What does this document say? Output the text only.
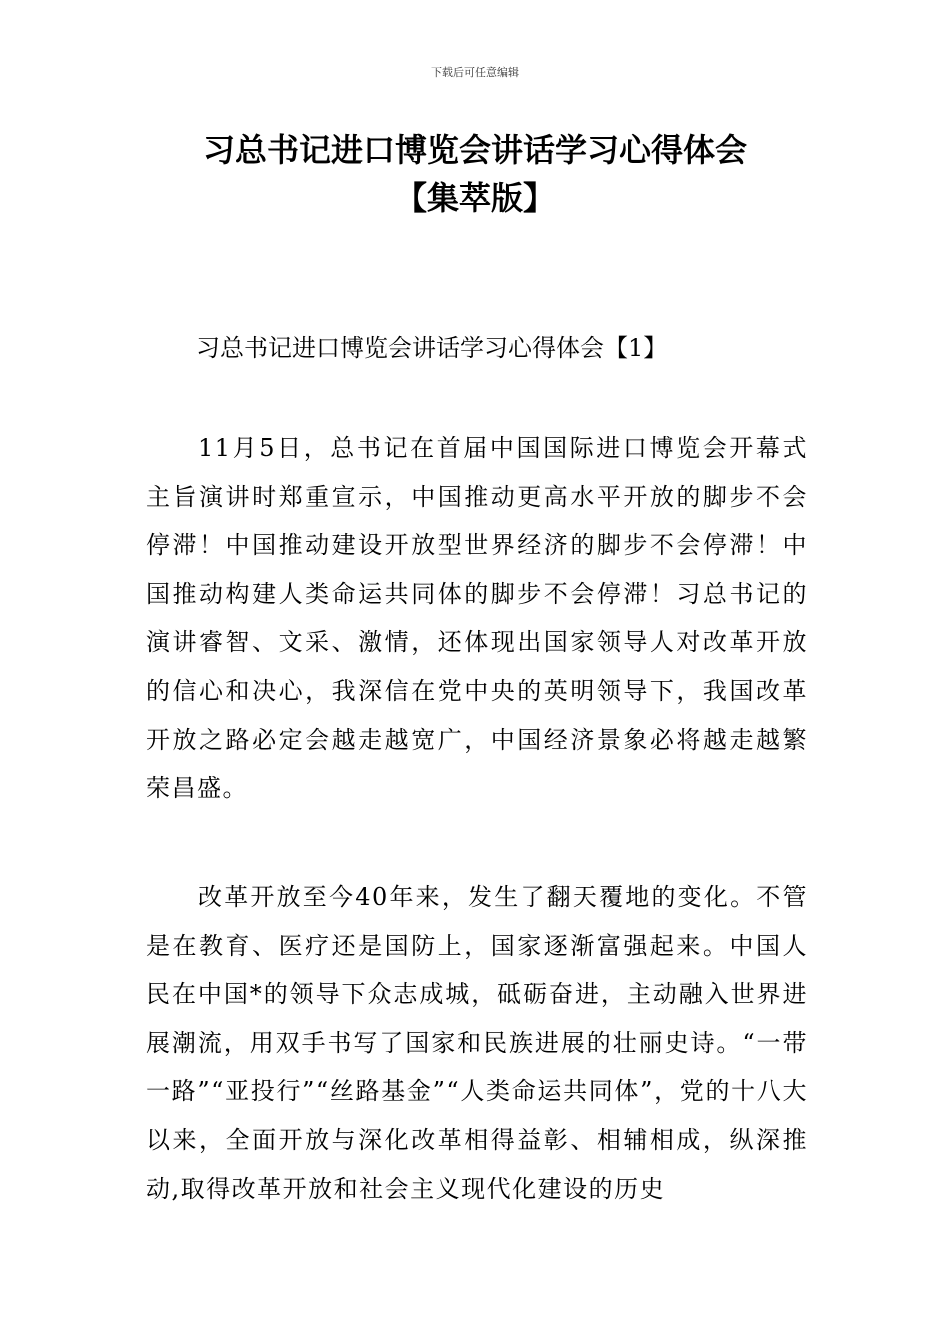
下载后可任意编辑
习总书记进口博览会讲话学习心得体会
【集萃版】
习总书记进口博览会讲话学习心得体会【1】

11月5日，总书记在首届中国国际进口博览会开幕式主旨演讲时郑重宣示，中国推动更高水平开放的脚步不会停滞！中国推动建设开放型世界经济的脚步不会停滞！中国推动构建人类命运共同体的脚步不会停滞！习总书记的演讲睿智、文采、激情，还体现出国家领导人对改革开放的信心和决心，我深信在党中央的英明领导下，我国改革开放之路必定会越走越宽广，中国经济景象必将越走越繁荣昌盛。

改革开放至今40年来，发生了翻天覆地的变化。不管是在教育、医疗还是国防上，国家逐渐富强起来。中国人民在中国*的领导下众志成城，砥砺奋进，主动融入世界进展潮流，用双手书写了国家和民族进展的壮丽史诗。“一带一路”“亚投行”“丝路基金”“人类命运共同体”，党的十八大以来，全面开放与深化改革相得益彰、相辅相成，纵深推动,取得改革开放和社会主义现代化建设的历史
